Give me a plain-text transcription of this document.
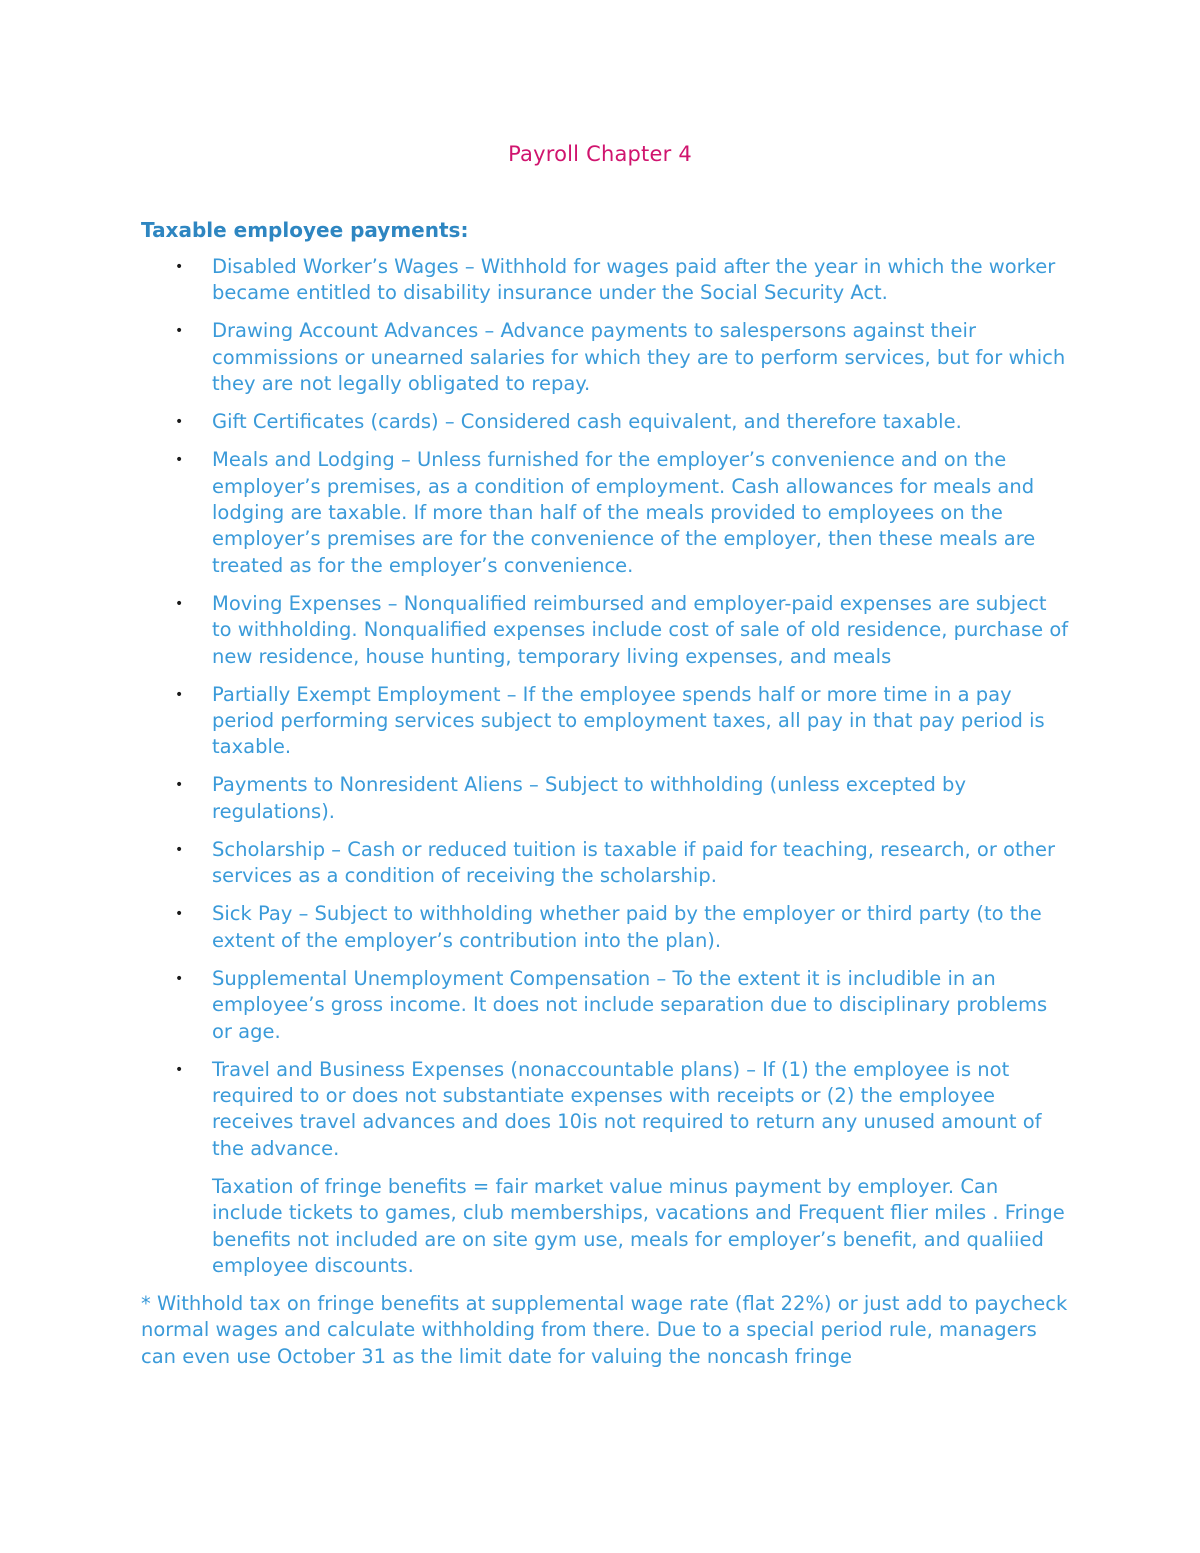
Payroll Chapter 4
Taxable employee payments:
• Disabled Worker’s Wages – Withhold for wages paid after the year in which the worker became entitled to disability insurance under the Social Security Act.
• Drawing Account Advances – Advance payments to salespersons against their commissions or unearned salaries for which they are to perform services, but for which they are not legally obligated to repay.
• Gift Certificates (cards) – Considered cash equivalent, and therefore taxable.
• Meals and Lodging – Unless furnished for the employer’s convenience and on the employer’s premises, as a condition of employment. Cash allowances for meals and lodging are taxable. If more than half of the meals provided to employees on the employer’s premises are for the convenience of the employer, then these meals are treated as for the employer’s convenience.
• Moving Expenses – Nonqualified reimbursed and employer-paid expenses are subject to withholding. Nonqualified expenses include cost of sale of old residence, purchase of new residence, house hunting, temporary living expenses, and meals
• Partially Exempt Employment – If the employee spends half or more time in a pay period performing services subject to employment taxes, all pay in that pay period is taxable.
• Payments to Nonresident Aliens – Subject to withholding (unless excepted by regulations).
• Scholarship – Cash or reduced tuition is taxable if paid for teaching, research, or other services as a condition of receiving the scholarship.
• Sick Pay – Subject to withholding whether paid by the employer or third party (to the extent of the employer’s contribution into the plan).
• Supplemental Unemployment Compensation – To the extent it is includible in an employee’s gross income. It does not include separation due to disciplinary problems or age.
• Travel and Business Expenses (nonaccountable plans) – If (1) the employee is not required to or does not substantiate expenses with receipts or (2) the employee receives travel advances and does 10is not required to return any unused amount of the advance.
Taxation of fringe benefits = fair market value minus payment by employer. Can include tickets to games, club memberships, vacations and Frequent flier miles . Fringe benefits not included are on site gym use, meals for employer’s benefit, and qualiied employee discounts.
* Withhold tax on fringe benefits at supplemental wage rate (flat 22%) or just add to paycheck normal wages and calculate withholding from there. Due to a special period rule, managers can even use October 31 as the limit date for valuing the noncash fringe
